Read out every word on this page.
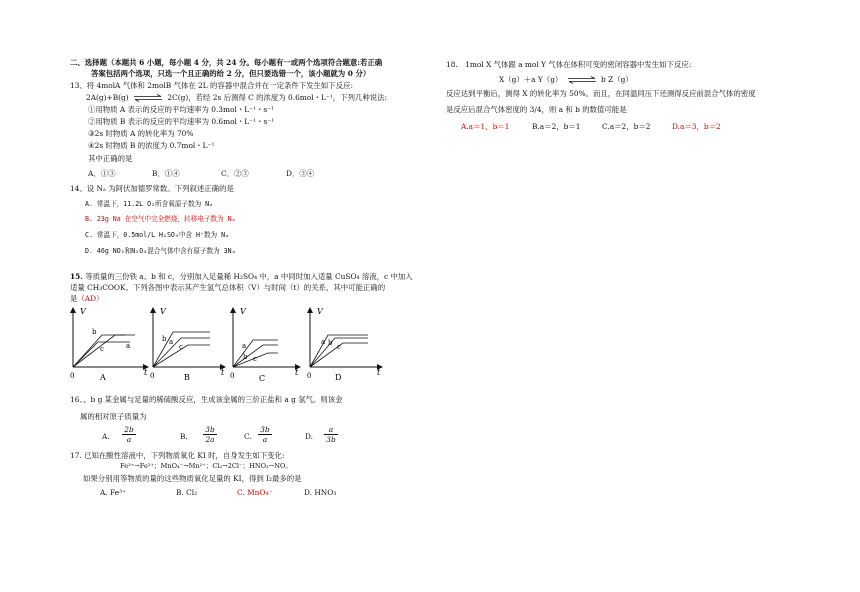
二、选择题（本题共 6 小题，每小题 4 分，共 24 分。每小题有一或两个选项符合题意:若正确
答案包括两个选项，只选一个且正确的给 2 分，但只要选错一个，该小题就为 0 分）
13、将 4molA 气体和 2molB 气体在 2L 的容器中混合并在一定条件下发生如下反应:
2A(g)+B(g)	2C(g)，若经 2s 后测得 C 的浓度为 0.6mol・L⁻¹，下列几种说法:
①用物质 A 表示的反应的平均速率为 0.3mol・L⁻¹・s⁻¹
②用物质 B 表示的反应的平均速率为 0.6mol・L⁻¹・s⁻¹
③2s 时物质 A 的转化率为 70%
④2s 时物质 B 的浓度为 0.7mol・L⁻¹
其中正确的是
A．①③	B．①④	C．②③	D．③④
14、设 Nₐ 为阿伏加德罗常数。下列叙述正确的是
A. 常温下，11.2L O₂所含氧原子数为 Nₐ
B. 23g Na 在空气中完全燃烧，转移电子数为 Nₐ
C. 常温下，0.5mol/L H₂SO₄中含 H⁺数为 Nₐ
D. 46g NO₂和N₂O₄混合气体中含有原子数为 3Nₐ
15. 等质量的三份铁 a、b 和 c，分别加入足量稀 H₂SO₄ 中，a 中同时加入适量 CuSO₄ 溶液，c 中加入
适量 CH₃COOK。下列各图中表示其产生氢气总体积（V）与时间（t）的关系，其中可能正确的
是（AD）
V
0	t
A
b
c	a
V
0	t
B
b a
c
V
0	t
C
a
b c
V
0	t
D
a b c
16、、b g 某金属与足量的稀硫酸反应，生成该金属的三价正盐和 a g 氢气。则该金
属的相对原子质量为
A.
2b
a	B.
3b
2a	C.
3b
a	D.
a
3b
17. 已知在酸性溶液中，下列物质氧化 KI 时，自身发生如下变化:
Fe³⁺→Fe²⁺；MnO₄⁻→Mn²⁺；Cl₂→2Cl⁻；HNO₃→NO。
如果分别用等物质的量的这些物质氧化足量的 KI，得到 I₂最多的是
A. Fe³⁺	B. Cl₂	C. MnO₄⁻	D. HNO₃
18.　1mol X 气体跟 a mol Y 气体在体积可变的密闭容器中发生如下反应:
X（g）＋a Y（g）	b Z（g）
反应达到平衡后，测得 X 的转化率为 50%。而且，在同温同压下还测得反应前混合气体的密度
是反应后混合气体密度的 3/4，则 a 和 b 的数值可能是
A.a＝1，b＝1	B.a＝2，b＝1	C.a＝2，b＝2	D.a＝3，b＝2
